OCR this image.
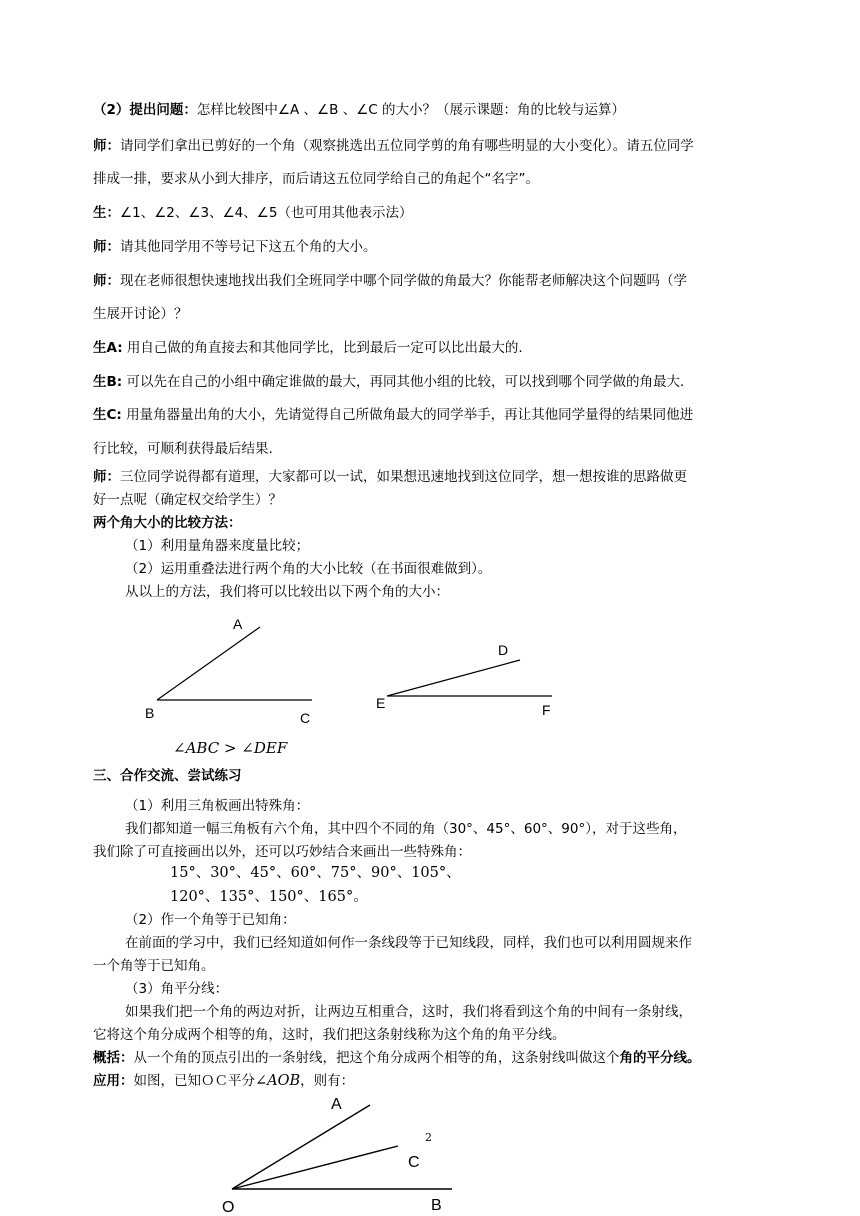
（2）提出问题：怎样比较图中∠A 、∠B 、∠C 的大小？（展示课题：角的比较与运算）
师：请同学们拿出已剪好的一个角（观察挑选出五位同学剪的角有哪些明显的大小变化）。请五位同学
排成一排，要求从小到大排序，而后请这五位同学给自己的角起个“名字”。
生：∠1、∠2、∠3、∠4、∠5（也可用其他表示法）
师：请其他同学用不等号记下这五个角的大小。
师：现在老师很想快速地找出我们全班同学中哪个同学做的角最大？你能帮老师解决这个问题吗（学
生展开讨论）？
生A: 用自己做的角直接去和其他同学比，比到最后一定可以比出最大的.
生B: 可以先在自己的小组中确定谁做的最大，再同其他小组的比较，可以找到哪个同学做的角最大.
生C: 用量角器量出角的大小，先请觉得自己所做角最大的同学举手，再让其他同学量得的结果同他进
行比较，可顺利获得最后结果.
师：三位同学说得都有道理，大家都可以一试，如果想迅速地找到这位同学，想一想按谁的思路做更
好一点呢（确定权交给学生）？
两个角大小的比较方法：
（1）利用量角器来度量比较；
（2）运用重叠法进行两个角的大小比较（在书面很难做到）。
从以上的方法，我们将可以比较出以下两个角的大小：
A
B	C
D
E	F
A
C
O	B
2
∠ABC > ∠DEF
三、合作交流、尝试练习
（1）利用三角板画出特殊角：
我们都知道一幅三角板有六个角，其中四个不同的角（30°、45°、60°、90°），对于这些角，
我们除了可直接画出以外，还可以巧妙结合来画出一些特殊角：
15°、30°、45°、60°、75°、90°、105°、
120°、135°、150°、165°。
（2）作一个角等于已知角：
在前面的学习中，我们已经知道如何作一条线段等于已知线段，同样，我们也可以利用圆规来作
一个角等于已知角。
（3）角平分线：
如果我们把一个角的两边对折，让两边互相重合，这时，我们将看到这个角的中间有一条射线，
它将这个角分成两个相等的角，这时，我们把这条射线称为这个角的角平分线。
概括：从一个角的顶点引出的一条射线，把这个角分成两个相等的角，这条射线叫做这个角的平分线。
应用：如图，已知ＯＣ平分∠AOB，则有：
